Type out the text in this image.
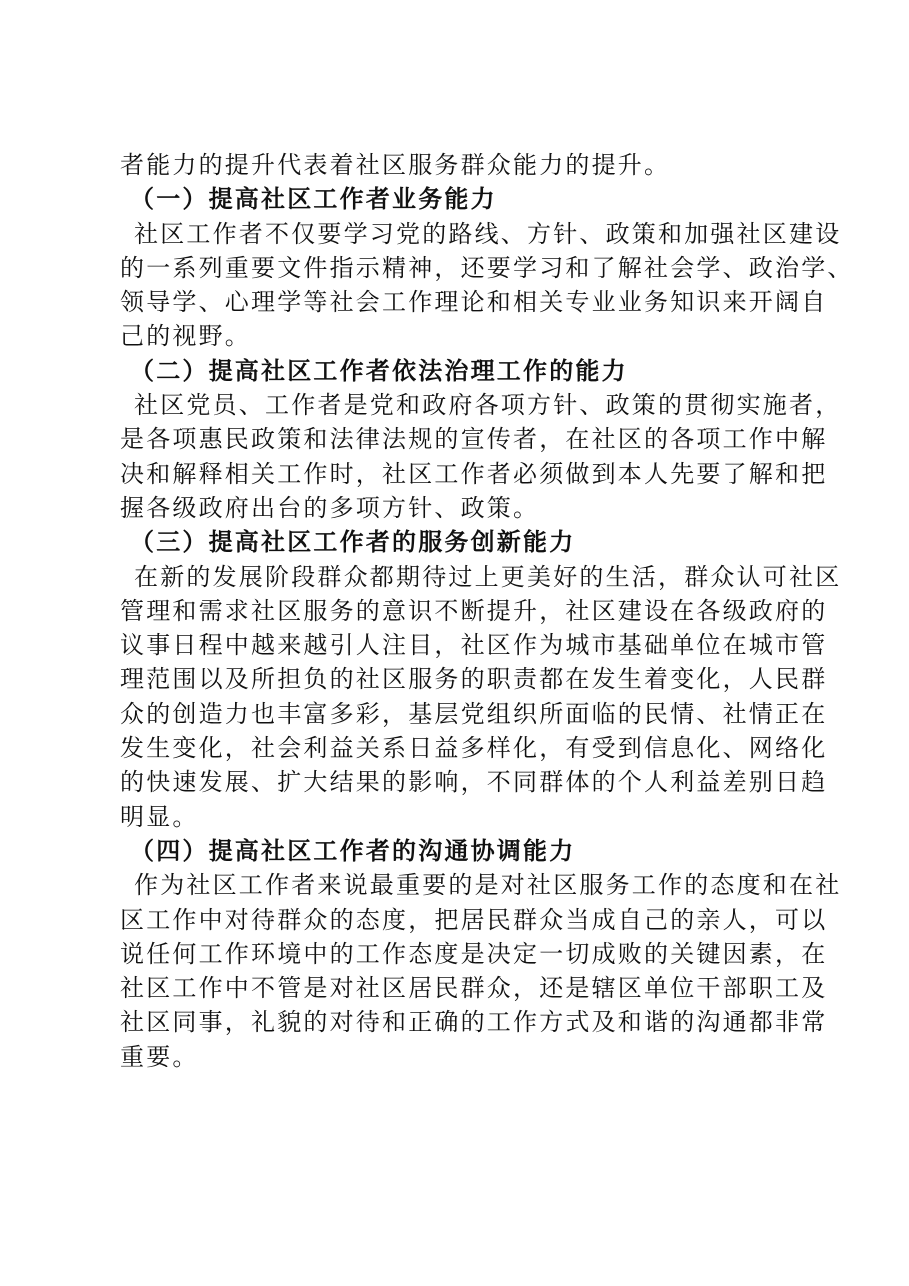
者能力的提升代表着社区服务群众能力的提升。
（一）提高社区工作者业务能力
社区工作者不仅要学习党的路线、方针、政策和加强社区建设
的一系列重要文件指示精神，还要学习和了解社会学、政治学、
领导学、心理学等社会工作理论和相关专业业务知识来开阔自
己的视野。
（二）提高社区工作者依法治理工作的能力
社区党员、工作者是党和政府各项方针、政策的贯彻实施者，
是各项惠民政策和法律法规的宣传者，在社区的各项工作中解
决和解释相关工作时，社区工作者必须做到本人先要了解和把
握各级政府出台的多项方针、政策。
（三）提高社区工作者的服务创新能力
在新的发展阶段群众都期待过上更美好的生活，群众认可社区
管理和需求社区服务的意识不断提升，社区建设在各级政府的
议事日程中越来越引人注目，社区作为城市基础单位在城市管
理范围以及所担负的社区服务的职责都在发生着变化，人民群
众的创造力也丰富多彩，基层党组织所面临的民情、社情正在
发生变化，社会利益关系日益多样化，有受到信息化、网络化
的快速发展、扩大结果的影响，不同群体的个人利益差别日趋
明显。
（四）提高社区工作者的沟通协调能力
作为社区工作者来说最重要的是对社区服务工作的态度和在社
区工作中对待群众的态度，把居民群众当成自己的亲人，可以
说任何工作环境中的工作态度是决定一切成败的关键因素，在
社区工作中不管是对社区居民群众，还是辖区单位干部职工及
社区同事，礼貌的对待和正确的工作方式及和谐的沟通都非常
重要。
